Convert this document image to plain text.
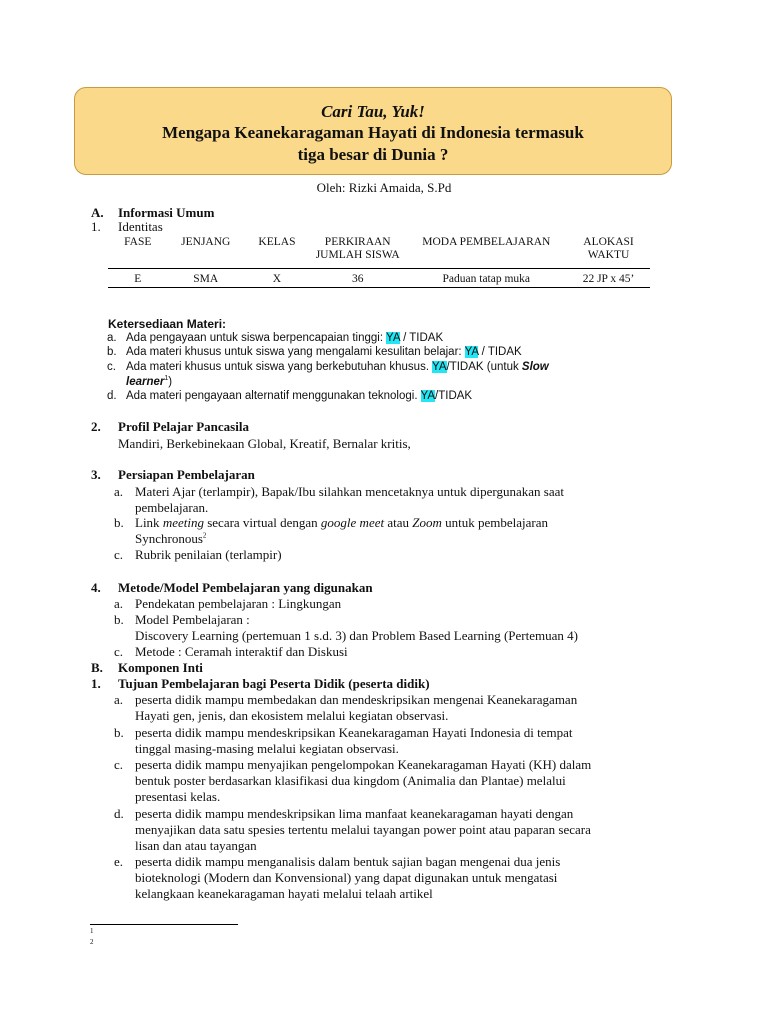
Cari Tau, Yuk!
Mengapa Keanekaragaman Hayati di Indonesia termasuk
tiga besar di Dunia ?
Oleh: Rizki Amaida, S.Pd
A. Informasi Umum
1. Identitas
FASE	JENJANG	KELAS	PERKIRAAN JUMLAH SISWA	MODA PEMBELAJARAN	ALOKASI WAKTU
E	SMA	X	36	Paduan tatap muka	22 JP x 45’
Ketersediaan Materi:
a. Ada pengayaan untuk siswa berpencapaian tinggi: YA / TIDAK
b. Ada materi khusus untuk siswa yang mengalami kesulitan belajar: YA / TIDAK
c. Ada materi khusus untuk siswa yang berkebutuhan khusus. YA/TIDAK (untuk Slow
learner$^1$)
d. Ada materi pengayaan alternatif menggunakan teknologi. YA/TIDAK
2. Profil Pelajar Pancasila
Mandiri, Berkebinekaan Global, Kreatif, Bernalar kritis,
3. Persiapan Pembelajaran
a. Materi Ajar (terlampir), Bapak/Ibu silahkan mencetaknya untuk dipergunakan saat
pembelajaran.
b. Link meeting secara virtual dengan google meet atau Zoom untuk pembelajaran
Synchronous$^2$
c. Rubrik penilaian (terlampir)
4. Metode/Model Pembelajaran yang digunakan
a. Pendekatan pembelajaran : Lingkungan
b. Model Pembelajaran :
Discovery Learning (pertemuan 1 s.d. 3) dan Problem Based Learning (Pertemuan 4)
c. Metode : Ceramah interaktif dan Diskusi
B. Komponen Inti
1. Tujuan Pembelajaran bagi Peserta Didik (peserta didik)
a. peserta didik mampu membedakan dan mendeskripsikan mengenai Keanekaragaman
Hayati gen, jenis, dan ekosistem melalui kegiatan observasi.
b. peserta didik mampu mendeskripsikan Keanekaragaman Hayati Indonesia di tempat
tinggal masing-masing melalui kegiatan observasi.
c. peserta didik mampu menyajikan pengelompokan Keanekaragaman Hayati (KH) dalam
bentuk poster berdasarkan klasifikasi dua kingdom (Animalia dan Plantae) melalui
presentasi kelas.
d. peserta didik mampu mendeskripsikan lima manfaat keanekaragaman hayati dengan
menyajikan data satu spesies tertentu melalui tayangan power point atau paparan secara
lisan dan atau tayangan
e. peserta didik mampu menganalisis dalam bentuk sajian bagan mengenai dua jenis
bioteknologi (Modern dan Konvensional) yang dapat digunakan untuk mengatasi
kelangkaan keanekaragaman hayati melalui telaah artikel
1
2
